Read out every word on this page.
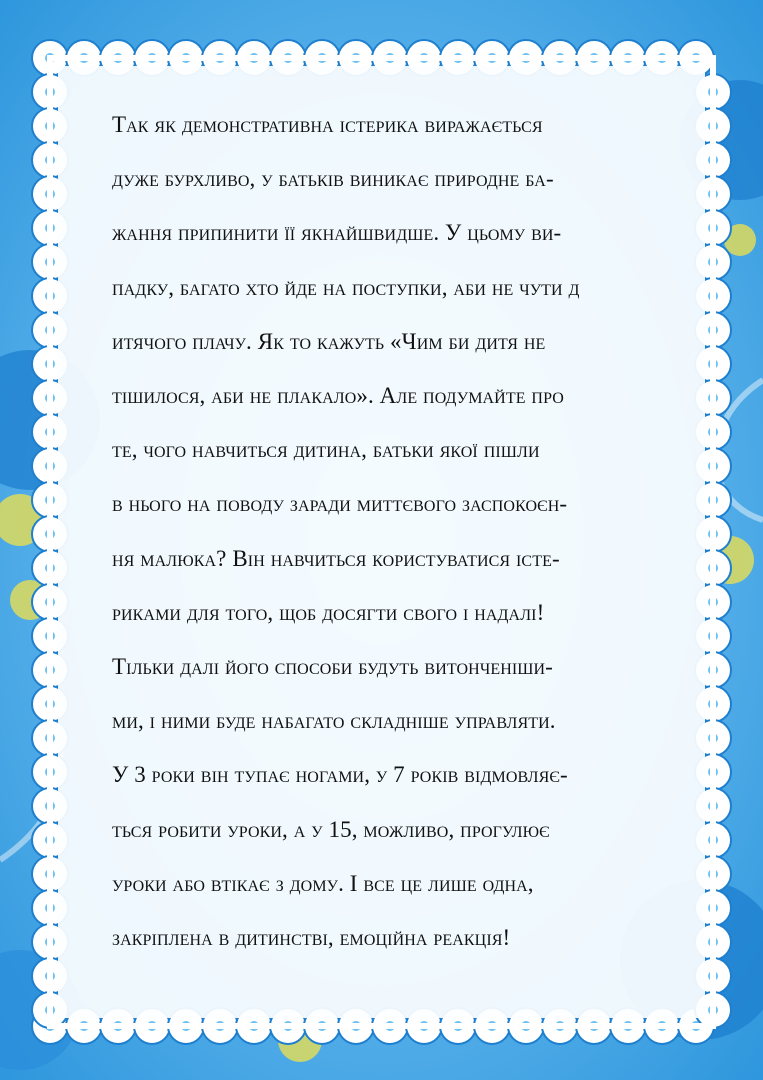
Так як демонстративна істерика виражається
дуже бурхливо, у батьків виникає природне ба-
жання припинити її якнайшвидше. У цьому ви-
падку, багато хто йде на поступки, аби не чути д
итячого плачу. Як то кажуть «Чим би дитя не
тішилося, аби не плакало». Але подумайте про
те, чого навчиться дитина, батьки якої пішли
в нього на поводу заради миттєвого заспокоєн-
ня малюка? Він навчиться користуватися істе-
риками для того, щоб досягти свого і надалі!
Тільки далі його способи будуть витонченіши-
ми, і ними буде набагато складніше управляти.
У 3 роки він тупає ногами, у 7 років відмовляє-
ться робити уроки, а у 15, можливо, прогулює
уроки або втікає з дому. І все це лише одна,
закріплена в дитинстві, емоційна реакція!
